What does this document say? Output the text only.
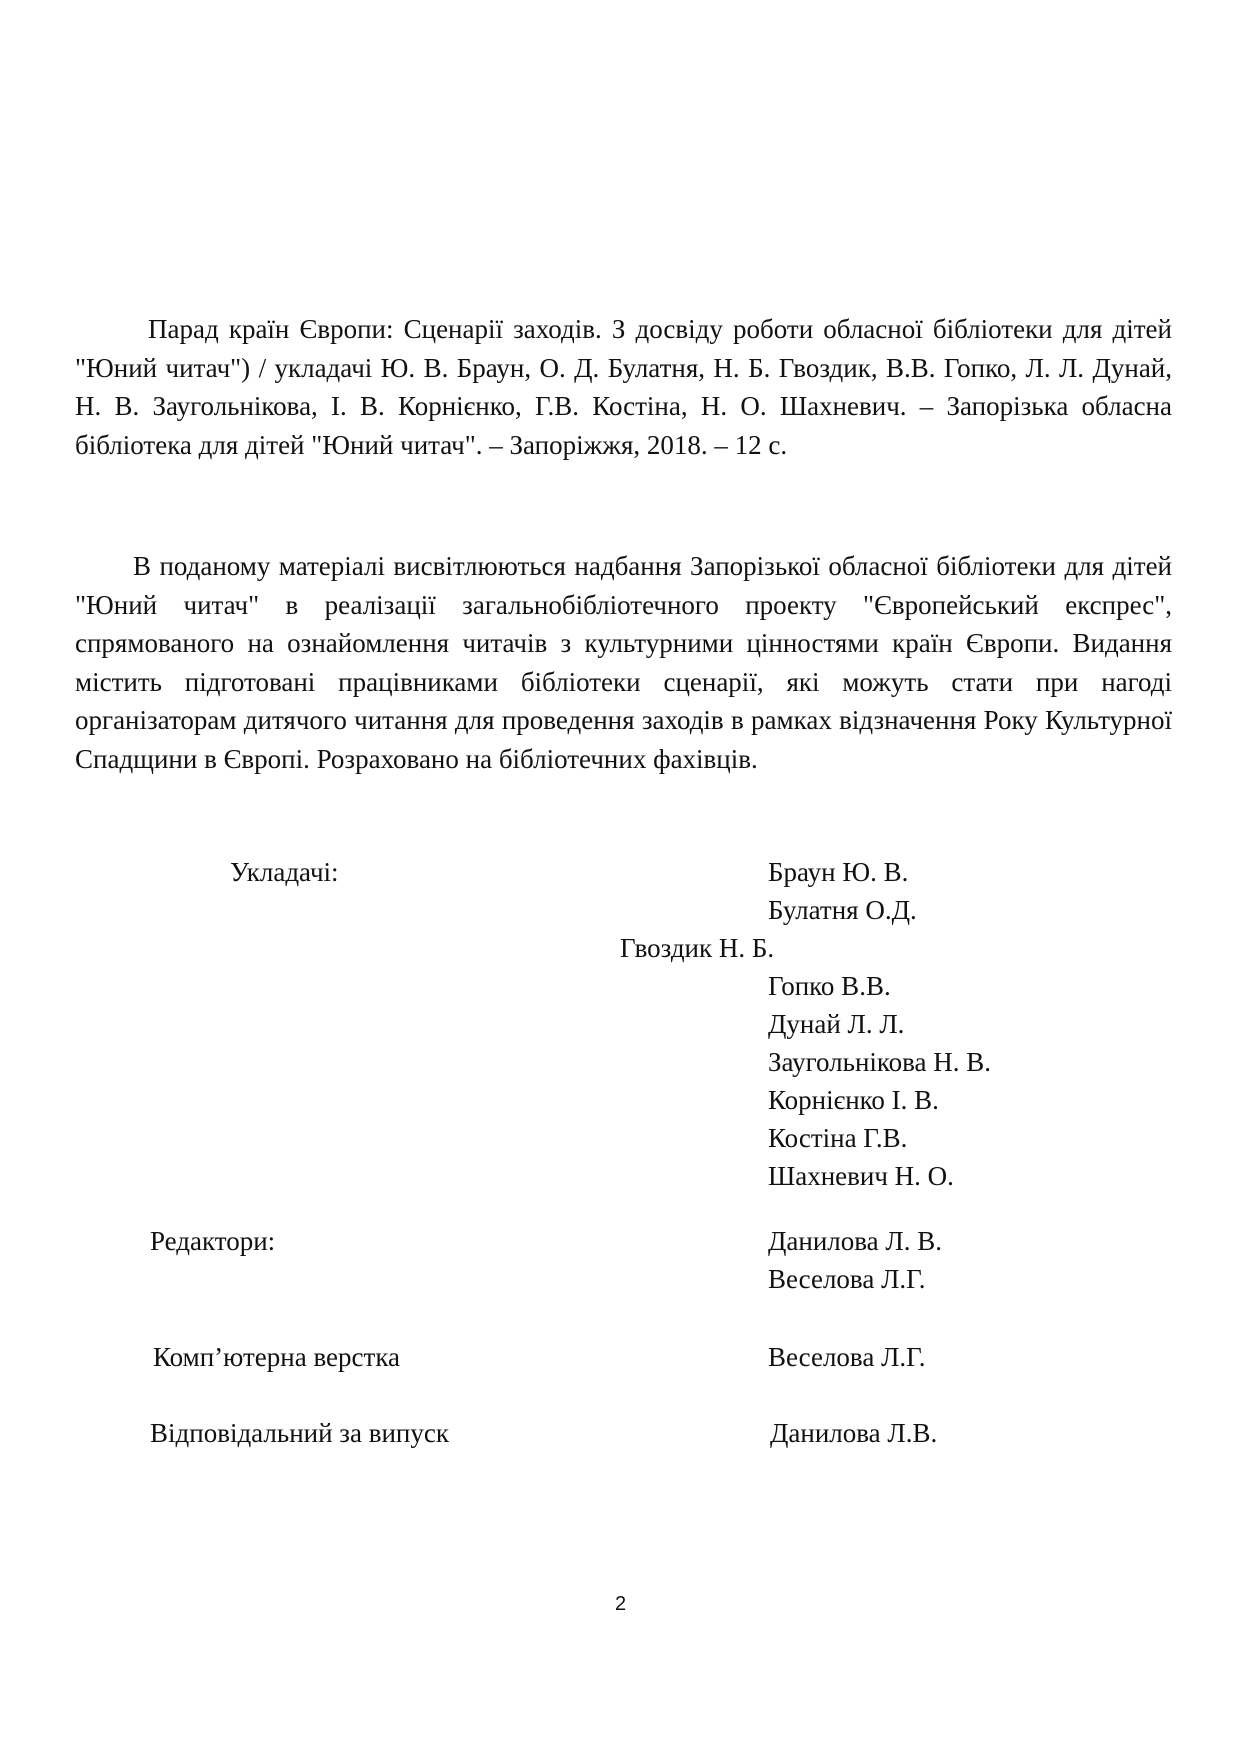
Парад країн Європи: Сценарії заходів. З досвіду роботи обласної бібліотеки для дітей "Юний читач") / укладачі Ю. В. Браун, О. Д. Булатня, Н. Б. Гвоздик, В.В. Гопко, Л. Л. Дунай, Н. В. Заугольнікова, І. В. Корнієнко, Г.В. Костіна, Н. О. Шахневич. – Запорізька обласна бібліотека для дітей "Юний читач". – Запоріжжя, 2018. – 12 с.

В поданому матеріалі висвітлюються надбання Запорізької обласної бібліотеки для дітей "Юний читач" в реалізації загальнобібліотечного проекту "Європейський експрес", спрямованого на ознайомлення читачів з культурними цінностями країн Європи. Видання містить підготовані працівниками бібліотеки сценарії, які можуть стати при нагоді організаторам дитячого читання для проведення заходів в рамках відзначення Року Культурної Спадщини в Європі. Розраховано на бібліотечних фахівців.

Укладачі:	Браун Ю. В.
Булатня О.Д.
Гвоздик Н. Б.
Гопко В.В.
Дунай Л. Л.
Заугольнікова Н. В.
Корнієнко І. В.
Костіна Г.В.
Шахневич Н. О.
Редактори:	Данилова Л. В.
Веселова Л.Г.
Комп’ютерна верстка	Веселова Л.Г.
Відповідальний за випуск	Данилова Л.В.
2
